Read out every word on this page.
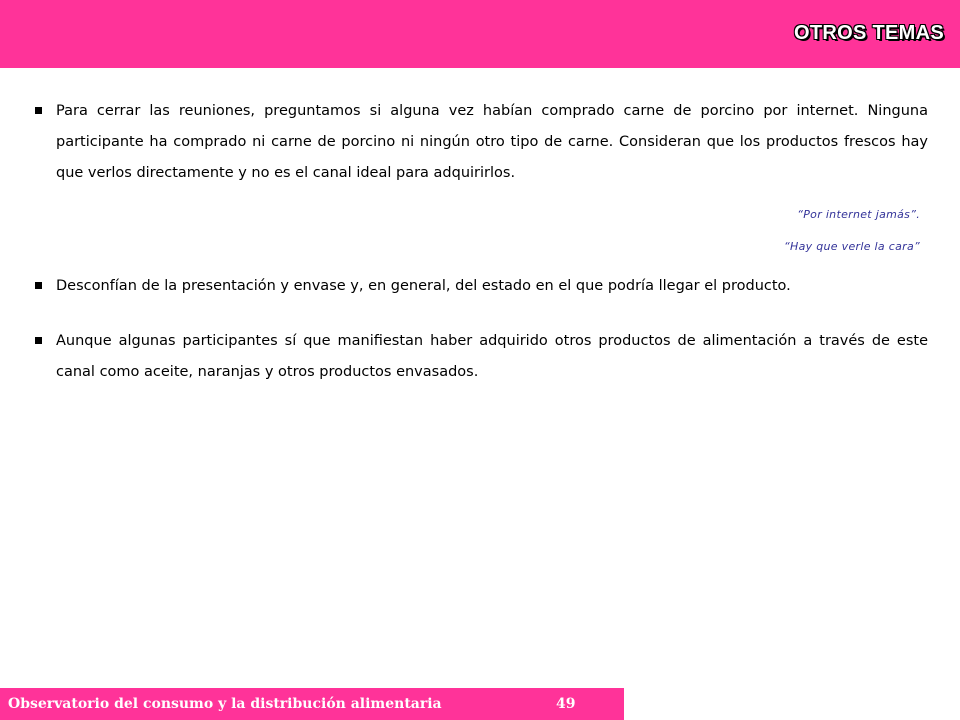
OTROS TEMAS
Para cerrar las reuniones, preguntamos si alguna vez habían comprado carne de porcino por internet. Ninguna participante ha comprado ni carne de porcino ni ningún otro tipo de carne. Consideran que los productos frescos hay que verlos directamente y no es el canal ideal para adquirirlos.
“Por internet jamás”.
“Hay que verle la cara”
Desconfían de la presentación y envase y, en general, del estado en el que podría llegar el producto.
Aunque algunas participantes sí que manifiestan haber adquirido otros productos de alimentación a través de este canal como aceite, naranjas y otros productos envasados.
Observatorio del consumo y la distribución alimentaria	49
